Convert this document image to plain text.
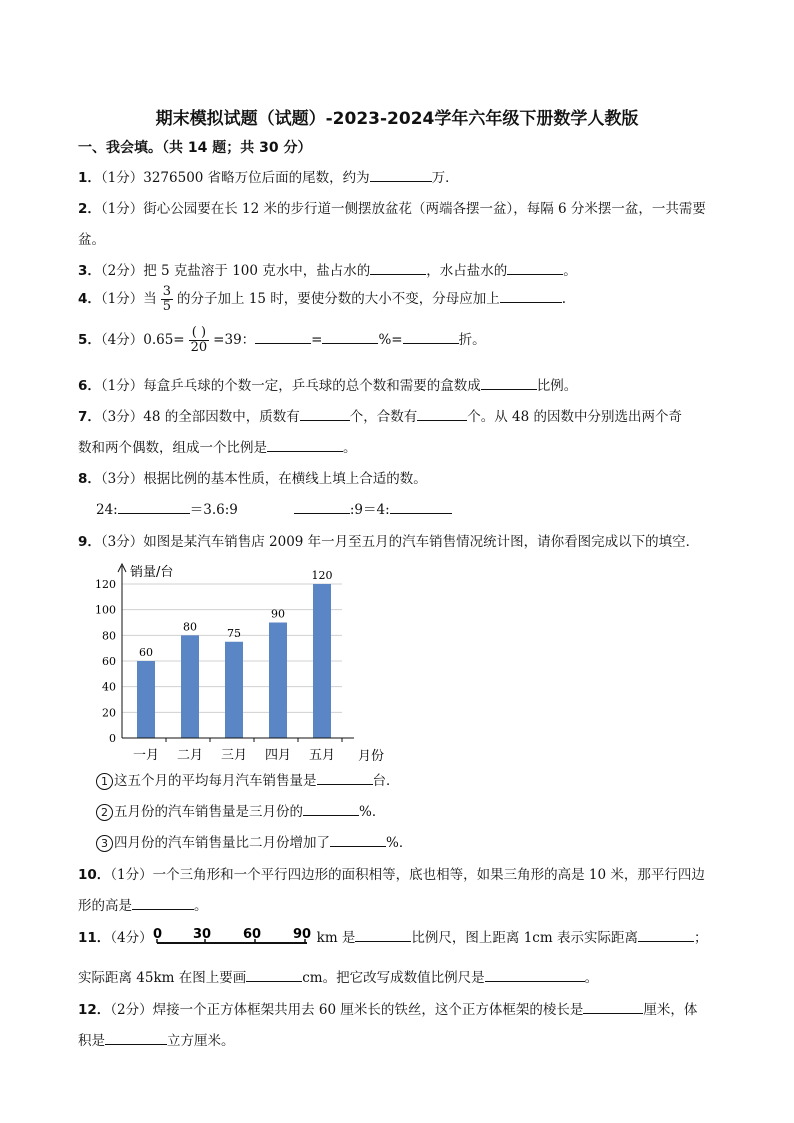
期末模拟试题（试题）-2023-2024学年六年级下册数学人教版
一、我会填。（共 14 题；共 30 分）
1．（1分）3276500 省略万位后面的尾数，约为	万．
2．（1分）街心公园要在长 12 米的步行道一侧摆放盆花（两端各摆一盆），每隔 6 分米摆一盆，一共需要
盆。
3．（2分）把 5 克盐溶于 100 克水中，盐占水的	，水占盐水的	。
4．（1分）当 $\frac{3}{5}$ 的分子加上 15 时，要使分数的大小不变，分母应加上	.
5．（4分）$0.65= \frac{( )}{20} =39$：	=	%=	折。
6．（1分）每盒乒乓球的个数一定，乒乓球的总个数和需要的盒数成	比例。
7．（3分）48 的全部因数中，质数有	个，合数有	个。从 48 的因数中分别选出两个奇
数和两个偶数，组成一个比例是	。
8．（3分）根据比例的基本性质，在横线上填上合适的数。
24:	＝3.6:9	:9＝4:
9．（3分）如图是某汽车销售店 2009 年一月至五月的汽车销售情况统计图，请你看图完成以下的填空．
0
20
40
60
80
100
120
60
一月
80
二月
75
三月
90
四月
120
五月
销量/台
月份
1 这五个月的平均每月汽车销售量是	台．
2 五月份的汽车销售量是三月份的	%．
3 四月份的汽车销售量比二月份增加了	%．
10．（1分）一个三角形和一个平行四边形的面积相等，底也相等，如果三角形的高是 10 米，那平行四边
形的高是	。
11．（4分） 0 30 60 90 km 是	比例尺，图上距离 1cm 表示实际距离	；
实际距离 45km 在图上要画	cm。把它改写成数值比例尺是	。
12．（2分）焊接一个正方体框架共用去 60 厘米长的铁丝，这个正方体框架的棱长是	厘米，体
积是	立方厘米。
